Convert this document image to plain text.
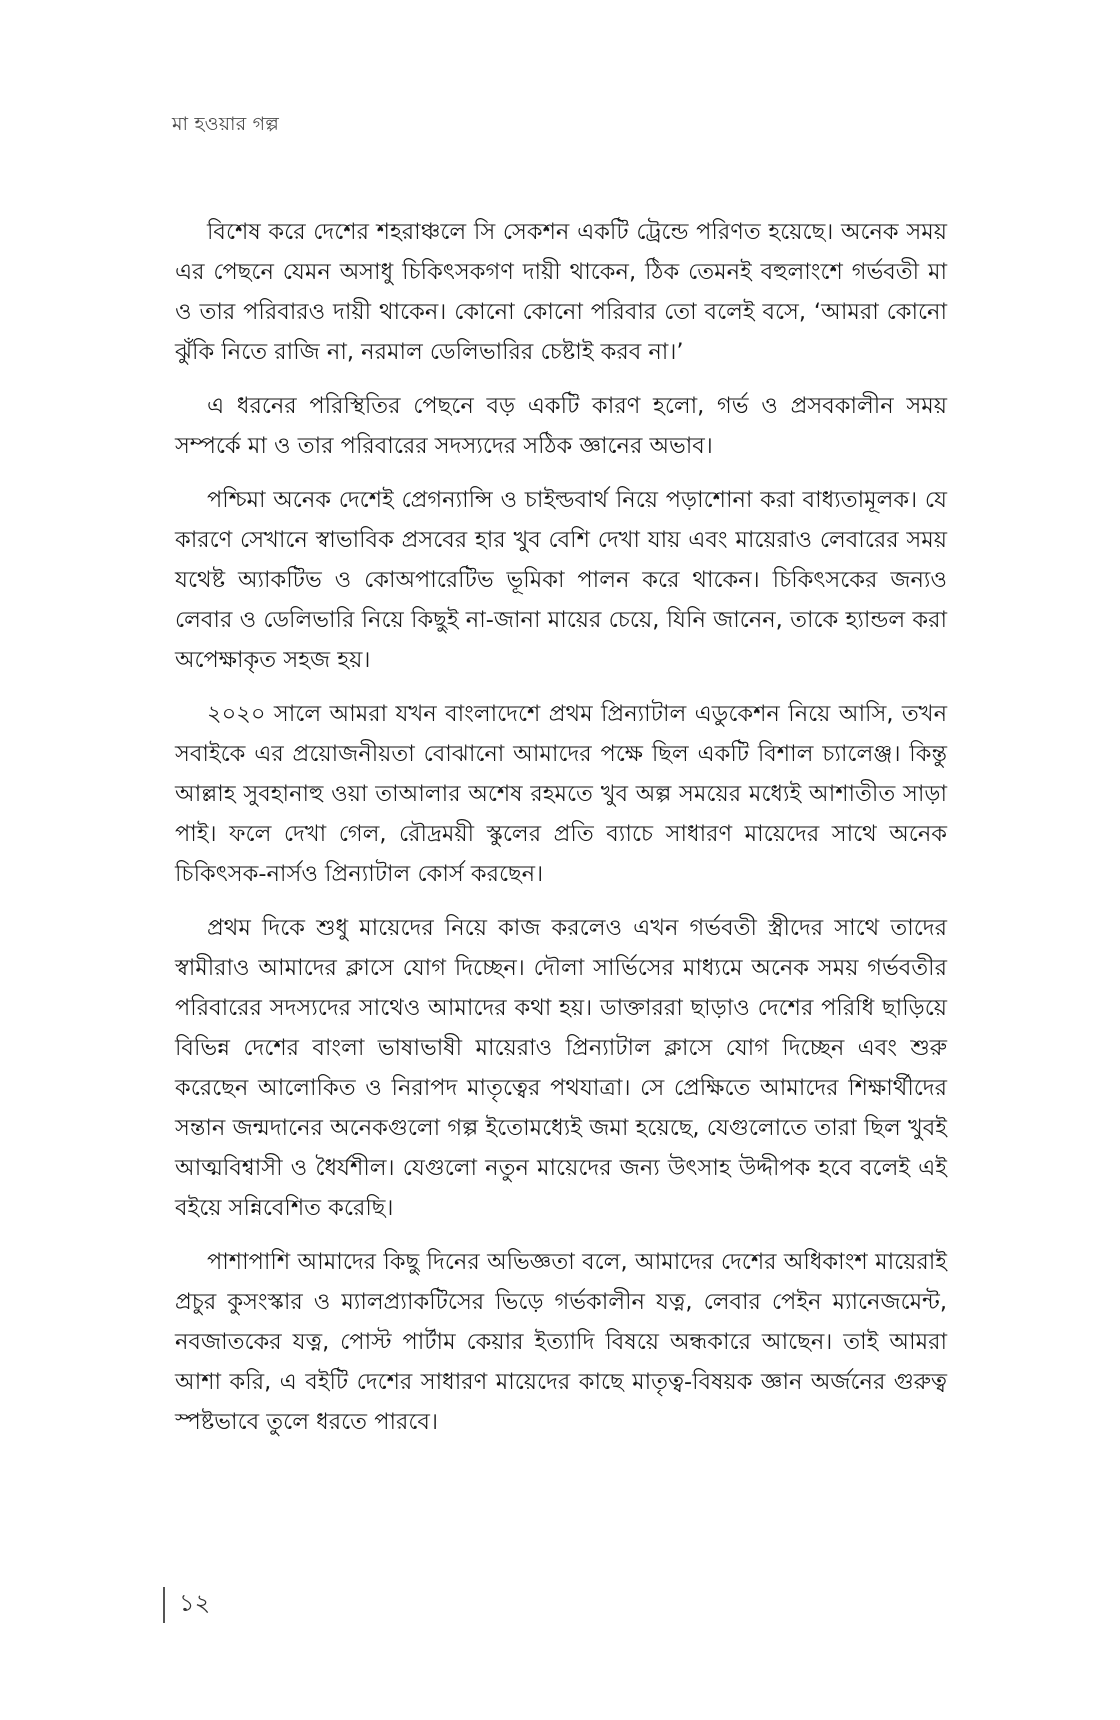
মা হওয়ার গল্প

বিশেষ করে দেশের শহরাঞ্চলে সি সেকশন একটি ট্রেন্ডে পরিণত হয়েছে। অনেক সময় এর পেছনে যেমন অসাধু চিকিৎসকগণ দায়ী থাকেন, ঠিক তেমনই বহুলাংশে গর্ভবতী মা ও তার পরিবারও দায়ী থাকেন। কোনো কোনো পরিবার তো বলেই বসে, ‘আমরা কোনো ঝুঁকি নিতে রাজি না, নরমাল ডেলিভারির চেষ্টাই করব না।’

এ ধরনের পরিস্থিতির পেছনে বড় একটি কারণ হলো, গর্ভ ও প্রসবকালীন সময় সম্পর্কে মা ও তার পরিবারের সদস্যদের সঠিক জ্ঞানের অভাব।

পশ্চিমা অনেক দেশেই প্রেগন্যান্সি ও চাইল্ডবার্থ নিয়ে পড়াশোনা করা বাধ্যতামূলক। যে কারণে সেখানে স্বাভাবিক প্রসবের হার খুব বেশি দেখা যায় এবং মায়েরাও লেবারের সময় যথেষ্ট অ্যাকটিভ ও কোঅপারেটিভ ভূমিকা পালন করে থাকেন। চিকিৎসকের জন্যও লেবার ও ডেলিভারি নিয়ে কিছুই না-জানা মায়ের চেয়ে, যিনি জানেন, তাকে হ্যান্ডল করা অপেক্ষাকৃত সহজ হয়।

২০২০ সালে আমরা যখন বাংলাদেশে প্রথম প্রিন্যাটাল এডুকেশন নিয়ে আসি, তখন সবাইকে এর প্রয়োজনীয়তা বোঝানো আমাদের পক্ষে ছিল একটি বিশাল চ্যালেঞ্জ। কিন্তু আল্লাহ সুবহানাহু ওয়া তাআলার অশেষ রহমতে খুব অল্প সময়ের মধ্যেই আশাতীত সাড়া পাই। ফলে দেখা গেল, রৌদ্রময়ী স্কুলের প্রতি ব্যাচে সাধারণ মায়েদের সাথে অনেক চিকিৎসক-নার্সও প্রিন্যাটাল কোর্স করছেন।

প্রথম দিকে শুধু মায়েদের নিয়ে কাজ করলেও এখন গর্ভবতী স্ত্রীদের সাথে তাদের স্বামীরাও আমাদের ক্লাসে যোগ দিচ্ছেন। দৌলা সার্ভিসের মাধ্যমে অনেক সময় গর্ভবতীর পরিবারের সদস্যদের সাথেও আমাদের কথা হয়। ডাক্তাররা ছাড়াও দেশের পরিধি ছাড়িয়ে বিভিন্ন দেশের বাংলা ভাষাভাষী মায়েরাও প্রিন্যাটাল ক্লাসে যোগ দিচ্ছেন এবং শুরু করেছেন আলোকিত ও নিরাপদ মাতৃত্বের পথযাত্রা। সে প্রেক্ষিতে আমাদের শিক্ষার্থীদের সন্তান জন্মদানের অনেকগুলো গল্প ইতোমধ্যেই জমা হয়েছে, যেগুলোতে তারা ছিল খুবই আত্মবিশ্বাসী ও ধৈর্যশীল। যেগুলো নতুন মায়েদের জন্য উৎসাহ উদ্দীপক হবে বলেই এই বইয়ে সন্নিবেশিত করেছি।

পাশাপাশি আমাদের কিছু দিনের অভিজ্ঞতা বলে, আমাদের দেশের অধিকাংশ মায়েরাই প্রচুর কুসংস্কার ও ম্যালপ্র্যাকটিসের ভিড়ে গর্ভকালীন যত্ন, লেবার পেইন ম্যানেজমেন্ট, নবজাতকের যত্ন, পোস্ট পার্টাম কেয়ার ইত্যাদি বিষয়ে অন্ধকারে আছেন। তাই আমরা আশা করি, এ বইটি দেশের সাধারণ মায়েদের কাছে মাতৃত্ব-বিষয়ক জ্ঞান অর্জনের গুরুত্ব স্পষ্টভাবে তুলে ধরতে পারবে।

১২
